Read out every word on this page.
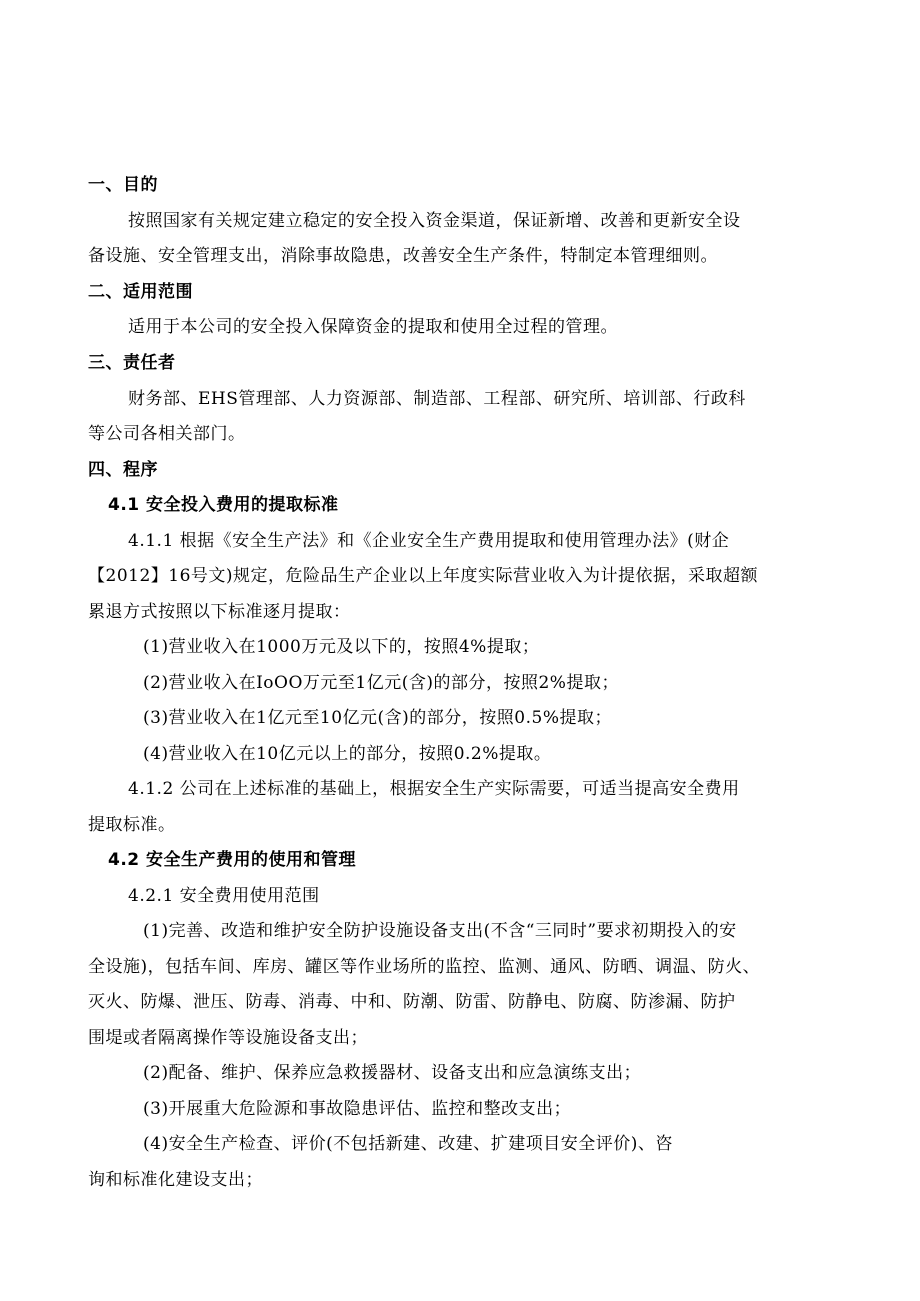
一、目的
按照国家有关规定建立稳定的安全投入资金渠道，保证新增、改善和更新安全设
备设施、安全管理支出，消除事故隐患，改善安全生产条件，特制定本管理细则。
二、适用范围
适用于本公司的安全投入保障资金的提取和使用全过程的管理。
三、责任者
财务部、EHS管理部、人力资源部、制造部、工程部、研究所、培训部、行政科
等公司各相关部门。
四、程序
4.1 安全投入费用的提取标准
4.1.1 根据《安全生产法》和《企业安全生产费用提取和使用管理办法》(财企
【2012】16号文)规定，危险品生产企业以上年度实际营业收入为计提依据，采取超额
累退方式按照以下标准逐月提取：
(1)营业收入在1000万元及以下的，按照4%提取；
(2)营业收入在IoOO万元至1亿元(含)的部分，按照2%提取；
(3)营业收入在1亿元至10亿元(含)的部分，按照0.5%提取；
(4)营业收入在10亿元以上的部分，按照0.2%提取。
4.1.2 公司在上述标准的基础上，根据安全生产实际需要，可适当提高安全费用
提取标准。
4.2 安全生产费用的使用和管理
4.2.1 安全费用使用范围
(1)完善、改造和维护安全防护设施设备支出(不含“三同时”要求初期投入的安
全设施)，包括车间、库房、罐区等作业场所的监控、监测、通风、防晒、调温、防火、
灭火、防爆、泄压、防毒、消毒、中和、防潮、防雷、防静电、防腐、防渗漏、防护
围堤或者隔离操作等设施设备支出；
(2)配备、维护、保养应急救援器材、设备支出和应急演练支出；
(3)开展重大危险源和事故隐患评估、监控和整改支出；
(4)安全生产检查、评价(不包括新建、改建、扩建项目安全评价)、咨
询和标准化建设支出；
